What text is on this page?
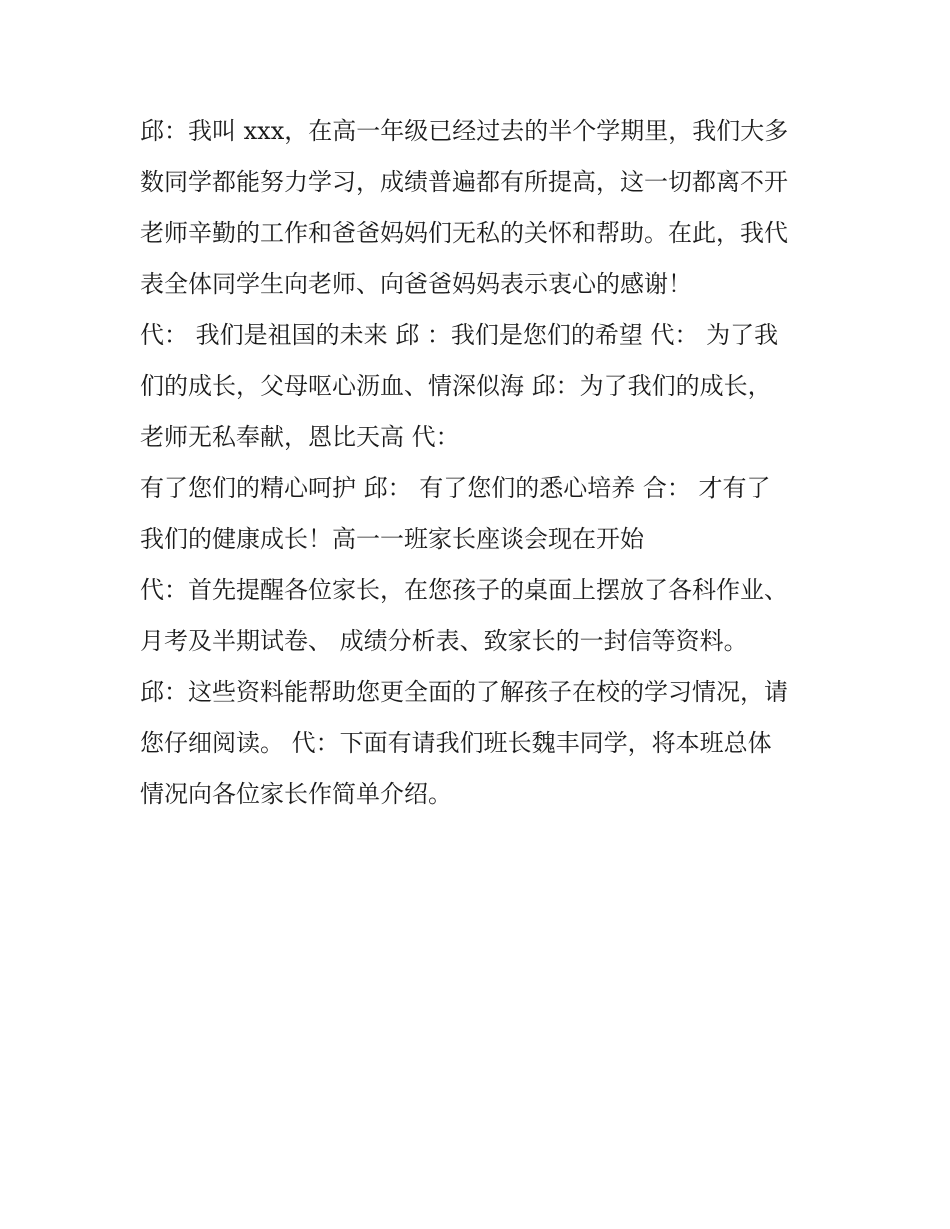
邱：我叫 xxx，在高一年级已经过去的半个学期里，我们大多
数同学都能努力学习，成绩普遍都有所提高，这一切都离不开
老师辛勤的工作和爸爸妈妈们无私的关怀和帮助。在此，我代
表全体同学生向老师、向爸爸妈妈表示衷心的感谢！
代： 我们是祖国的未来 邱 ：我们是您们的希望 代： 为了我
们的成长，父母呕心沥血、情深似海 邱：为了我们的成长，
老师无私奉献，恩比天高 代：
有了您们的精心呵护 邱： 有了您们的悉心培养 合： 才有了
我们的健康成长！高一一班家长座谈会现在开始
代：首先提醒各位家长，在您孩子的桌面上摆放了各科作业、
月考及半期试卷、 成绩分析表、致家长的一封信等资料。
邱：这些资料能帮助您更全面的了解孩子在校的学习情况，请
您仔细阅读。 代：下面有请我们班长魏丰同学，将本班总体
情况向各位家长作简单介绍。
